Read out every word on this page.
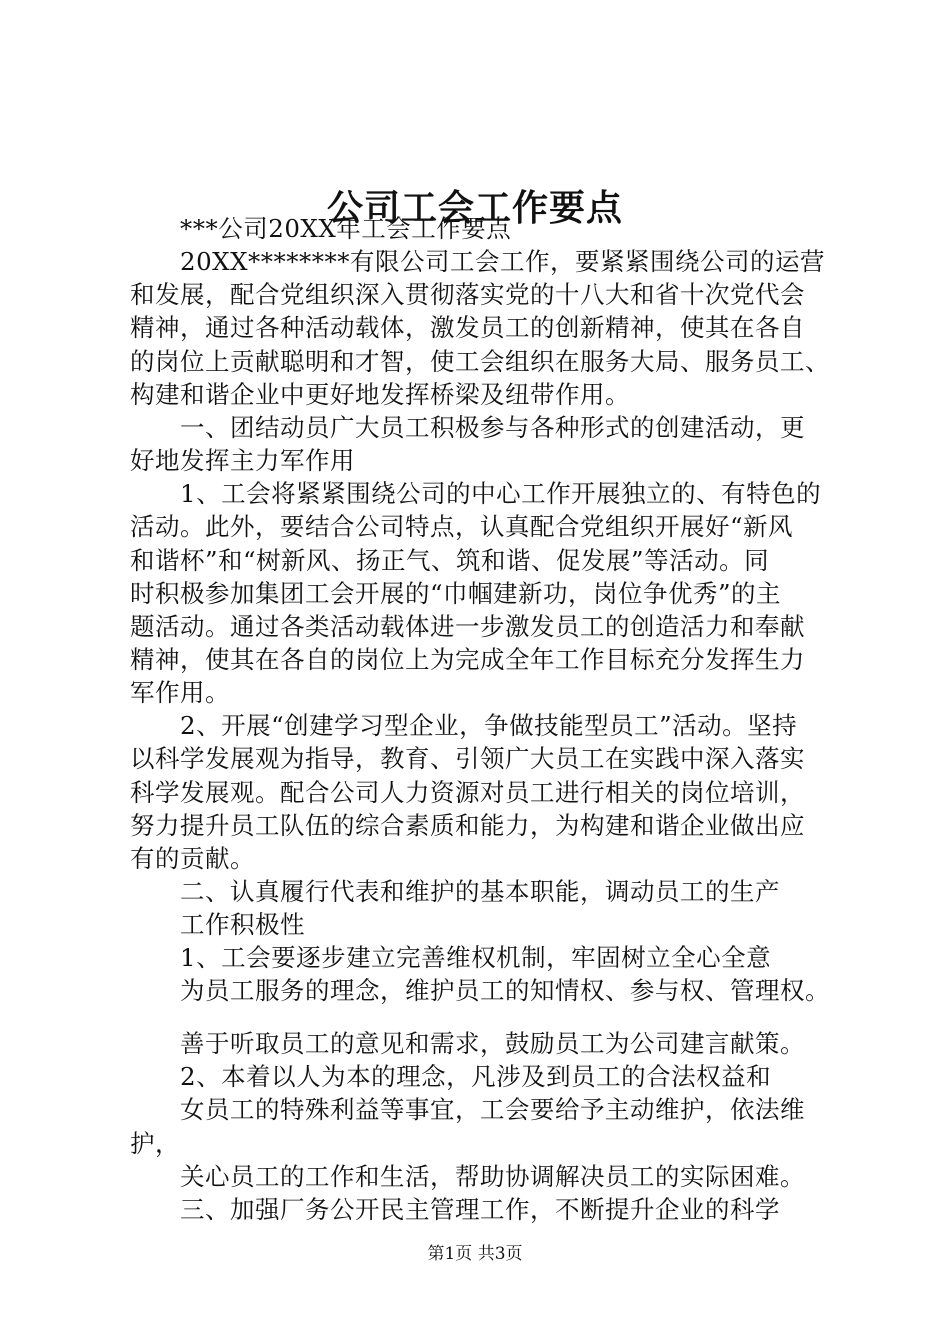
公司工会工作要点
***公司20XX年工会工作要点
20XX********有限公司工会工作，要紧紧围绕公司的运营
和发展，配合党组织深入贯彻落实党的十八大和省十次党代会
精神，通过各种活动载体，激发员工的创新精神，使其在各自
的岗位上贡献聪明和才智，使工会组织在服务大局、服务员工、
构建和谐企业中更好地发挥桥梁及纽带作用。
一、团结动员广大员工积极参与各种形式的创建活动，更
好地发挥主力军作用
1、工会将紧紧围绕公司的中心工作开展独立的、有特色的
活动。此外，要结合公司特点，认真配合党组织开展好“新风
和谐杯”和“树新风、扬正气、筑和谐、促发展”等活动。同
时积极参加集团工会开展的“巾帼建新功，岗位争优秀”的主
题活动。通过各类活动载体进一步激发员工的创造活力和奉献
精神，使其在各自的岗位上为完成全年工作目标充分发挥生力
军作用。
2、开展“创建学习型企业，争做技能型员工”活动。坚持
以科学发展观为指导，教育、引领广大员工在实践中深入落实
科学发展观。配合公司人力资源对员工进行相关的岗位培训，
努力提升员工队伍的综合素质和能力，为构建和谐企业做出应
有的贡献。
二、认真履行代表和维护的基本职能，调动员工的生产
工作积极性
1、工会要逐步建立完善维权机制，牢固树立全心全意
为员工服务的理念，维护员工的知情权、参与权、管理权。
善于听取员工的意见和需求，鼓励员工为公司建言献策。
2、本着以人为本的理念，凡涉及到员工的合法权益和
女员工的特殊利益等事宜，工会要给予主动维护，依法维
护，
关心员工的工作和生活，帮助协调解决员工的实际困难。
三、加强厂务公开民主管理工作，不断提升企业的科学
第1页 共3页
